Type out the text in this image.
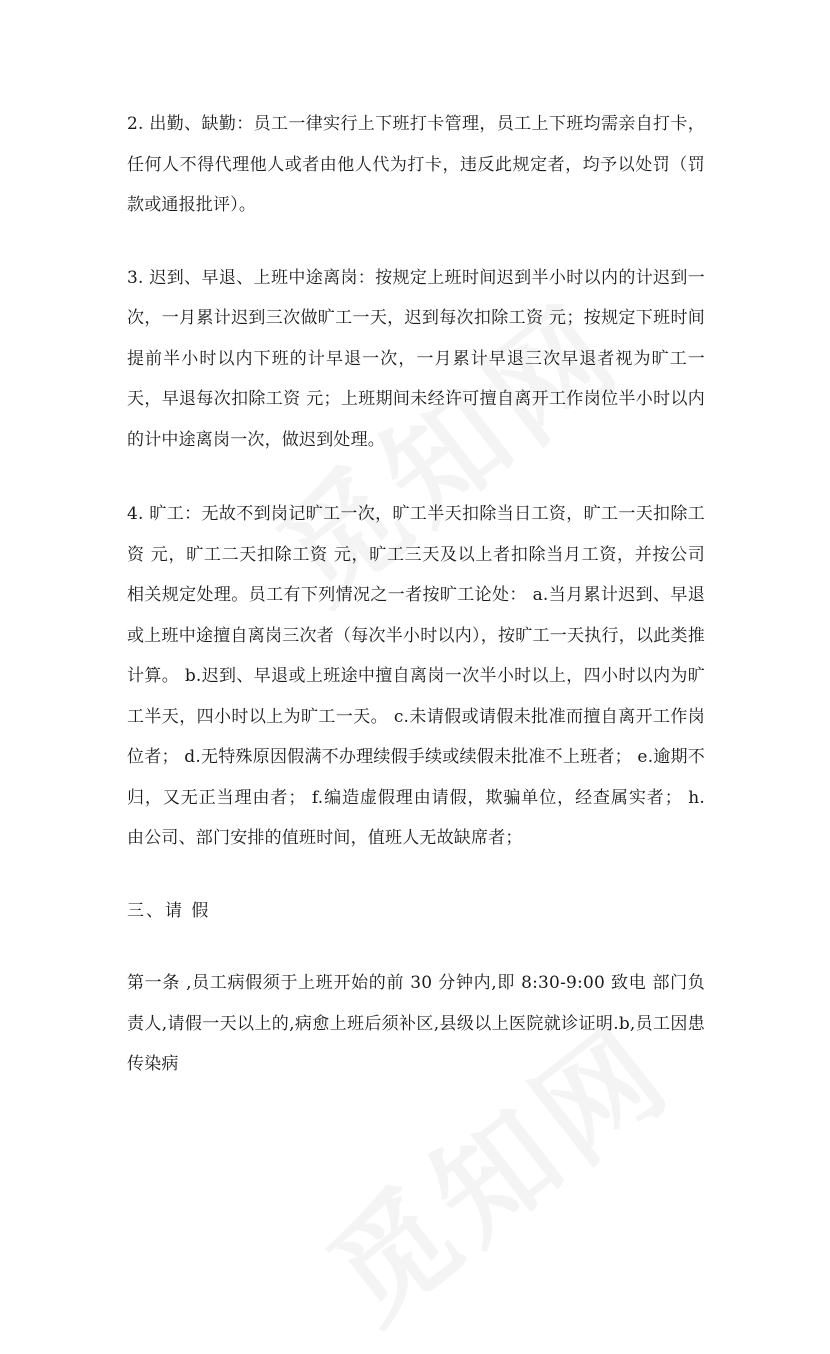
2. 出勤、缺勤：员工一律实行上下班打卡管理，员工上下班均需亲自打卡，任何人不得代理他人或者由他人代为打卡，违反此规定者，均予以处罚（罚款或通报批评）。

3. 迟到、早退、上班中途离岗：按规定上班时间迟到半小时以内的计迟到一次，一月累计迟到三次做旷工一天，迟到每次扣除工资 元；按规定下班时间提前半小时以内下班的计早退一次，一月累计早退三次早退者视为旷工一天，早退每次扣除工资 元；上班期间未经许可擅自离开工作岗位半小时以内的计中途离岗一次，做迟到处理。

4. 旷工：无故不到岗记旷工一次，旷工半天扣除当日工资，旷工一天扣除工资 元，旷工二天扣除工资 元，旷工三天及以上者扣除当月工资，并按公司相关规定处理。员工有下列情况之一者按旷工论处： a.当月累计迟到、早退或上班中途擅自离岗三次者（每次半小时以内），按旷工一天执行，以此类推计算。 b.迟到、早退或上班途中擅自离岗一次半小时以上，四小时以内为旷工半天，四小时以上为旷工一天。 c.未请假或请假未批准而擅自离开工作岗位者； d.无特殊原因假满不办理续假手续或续假未批准不上班者； e.逾期不归，又无正当理由者； f.编造虚假理由请假，欺骗单位，经查属实者； h. 由公司、部门安排的值班时间，值班人无故缺席者；

三、请 假

第一条 ,员工病假须于上班开始的前 30 分钟内,即 8:30-9:00 致电 部门负责人,请假一天以上的,病愈上班后须补区,县级以上医院就诊证明.b,员工因患传染病
